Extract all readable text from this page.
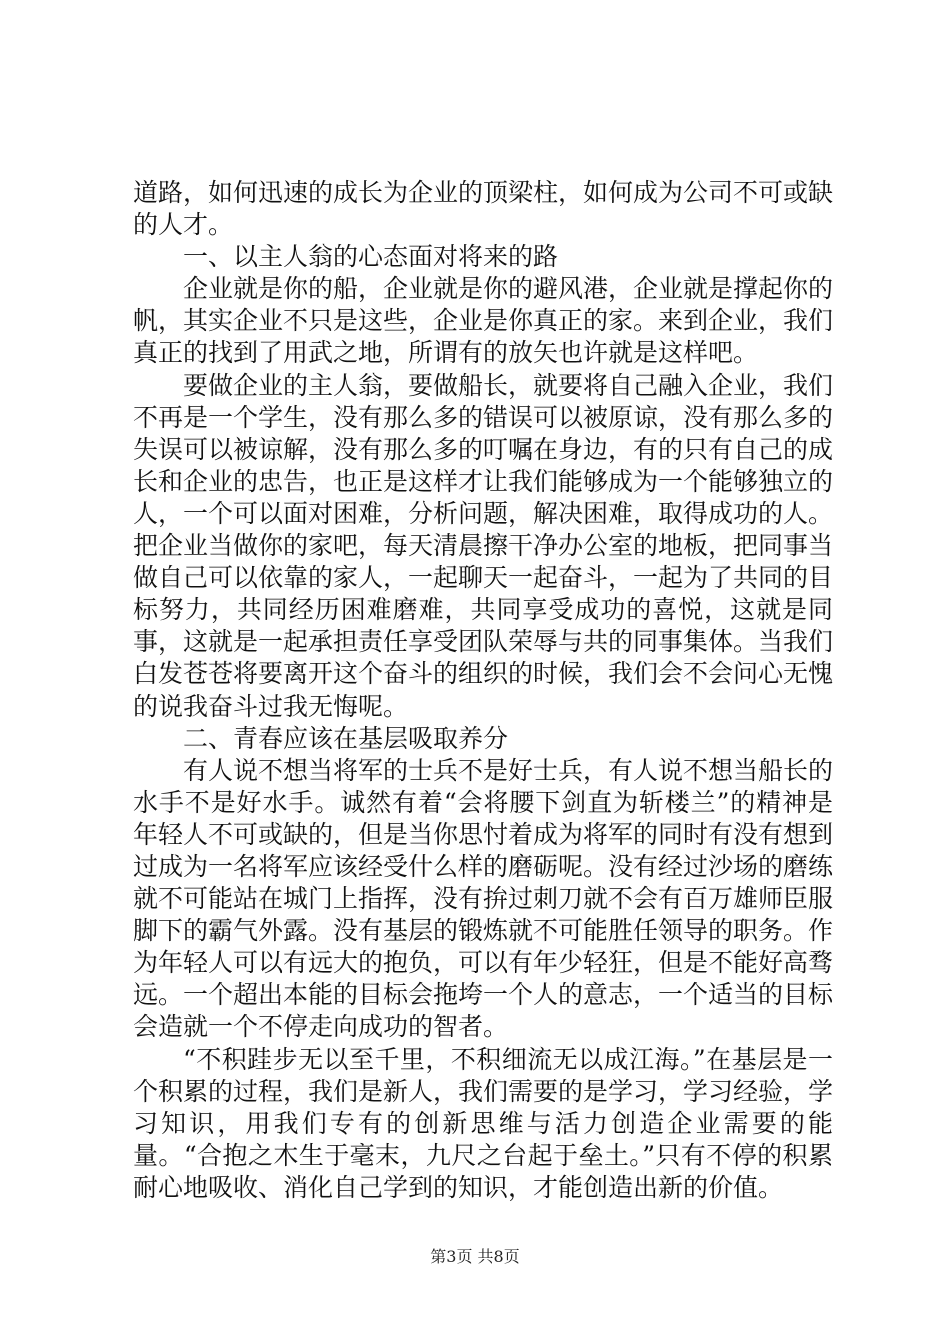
道路，如何迅速的成长为企业的顶梁柱，如何成为公司不可或缺的人才。

一、以主人翁的心态面对将来的路

企业就是你的船，企业就是你的避风港，企业就是撑起你的帆，其实企业不只是这些，企业是你真正的家。来到企业，我们真正的找到了用武之地，所谓有的放矢也许就是这样吧。

要做企业的主人翁，要做船长，就要将自己融入企业，我们不再是一个学生，没有那么多的错误可以被原谅，没有那么多的失误可以被谅解，没有那么多的叮嘱在身边，有的只有自己的成长和企业的忠告，也正是这样才让我们能够成为一个能够独立的人，一个可以面对困难，分析问题，解决困难，取得成功的人。把企业当做你的家吧，每天清晨擦干净办公室的地板，把同事当做自己可以依靠的家人，一起聊天一起奋斗，一起为了共同的目标努力，共同经历困难磨难，共同享受成功的喜悦，这就是同事，这就是一起承担责任享受团队荣辱与共的同事集体。当我们白发苍苍将要离开这个奋斗的组织的时候，我们会不会问心无愧的说我奋斗过我无悔呢。

二、青春应该在基层吸取养分

有人说不想当将军的士兵不是好士兵，有人说不想当船长的水手不是好水手。诚然有着“会将腰下剑直为斩楼兰”的精神是年轻人不可或缺的，但是当你思忖着成为将军的同时有没有想到过成为一名将军应该经受什么样的磨砺呢。没有经过沙场的磨练就不可能站在城门上指挥，没有拚过刺刀就不会有百万雄师臣服脚下的霸气外露。没有基层的锻炼就不可能胜任领导的职务。作为年轻人可以有远大的抱负，可以有年少轻狂，但是不能好高骛远。一个超出本能的目标会拖垮一个人的意志，一个适当的目标会造就一个不停走向成功的智者。

“不积跬步无以至千里，不积细流无以成江海。”在基层是一个积累的过程，我们是新人，我们需要的是学习，学习经验，学习知识，用我们专有的创新思维与活力创造企业需要的能量。“合抱之木生于毫末，九尺之台起于垒土。”只有不停的积累耐心地吸收、消化自己学到的知识，才能创造出新的价值。

第3页 共8页
